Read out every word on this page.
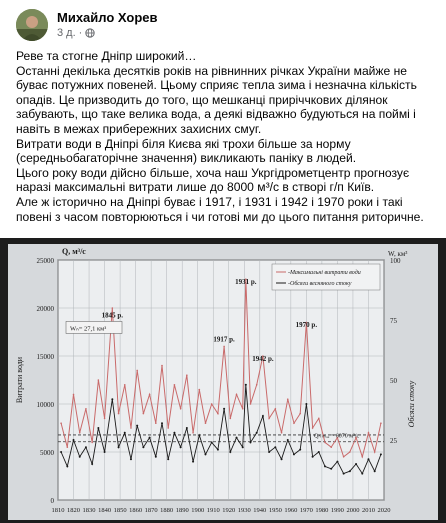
Михайло Хорев
3 д. ·

Реве та стогне Дніпр широкий…

Останні декілька десятків років на рівнинних річках України майже не буває потужних повеней. Цьому сприяє тепла зима і незначна кількість опадів. Це призводить до того, що мешканці приріччкових ділянок забувають, що таке велика вода, а деякі відважно будуються на поймі і навіть в межах прибережних захисних смуг.

Витрати води в Дніпрі біля Києва які трохи більше за норму (середньобагаторічне значення) викликають паніку в людей.

Цього року води дійсно більше, хоча наш Укргідрометцентр прогнозує наразі максимальні витрати лише до 8000 м³/с в створі г/п Київ.

Але ж історично на Дніпрі буває і 1917, і 1931 і 1942 і 1970 роки і такі повені з часом повторюються і чи готові ми до цього питання риторичне.

1810 1820 1830 1840 1850 1860 1870 1880 1890 1900 1910 1920 1930 1940 1950 1960 1970 1980 1990 2000 2010 2020
25000
20000
15000
10000
5000
0
100
75
50
25
Q, м³/с	W, км³
Витрати води
Обсяги стоку
-Максимальні витрати води
-Обсяги весняного стоку
Wₙ= 27,1 км³
Qₙ ₘₐₓ = 6070 м³/с
1845 р.
1917 р.
1931 р.
1942 р.
1970 р.
